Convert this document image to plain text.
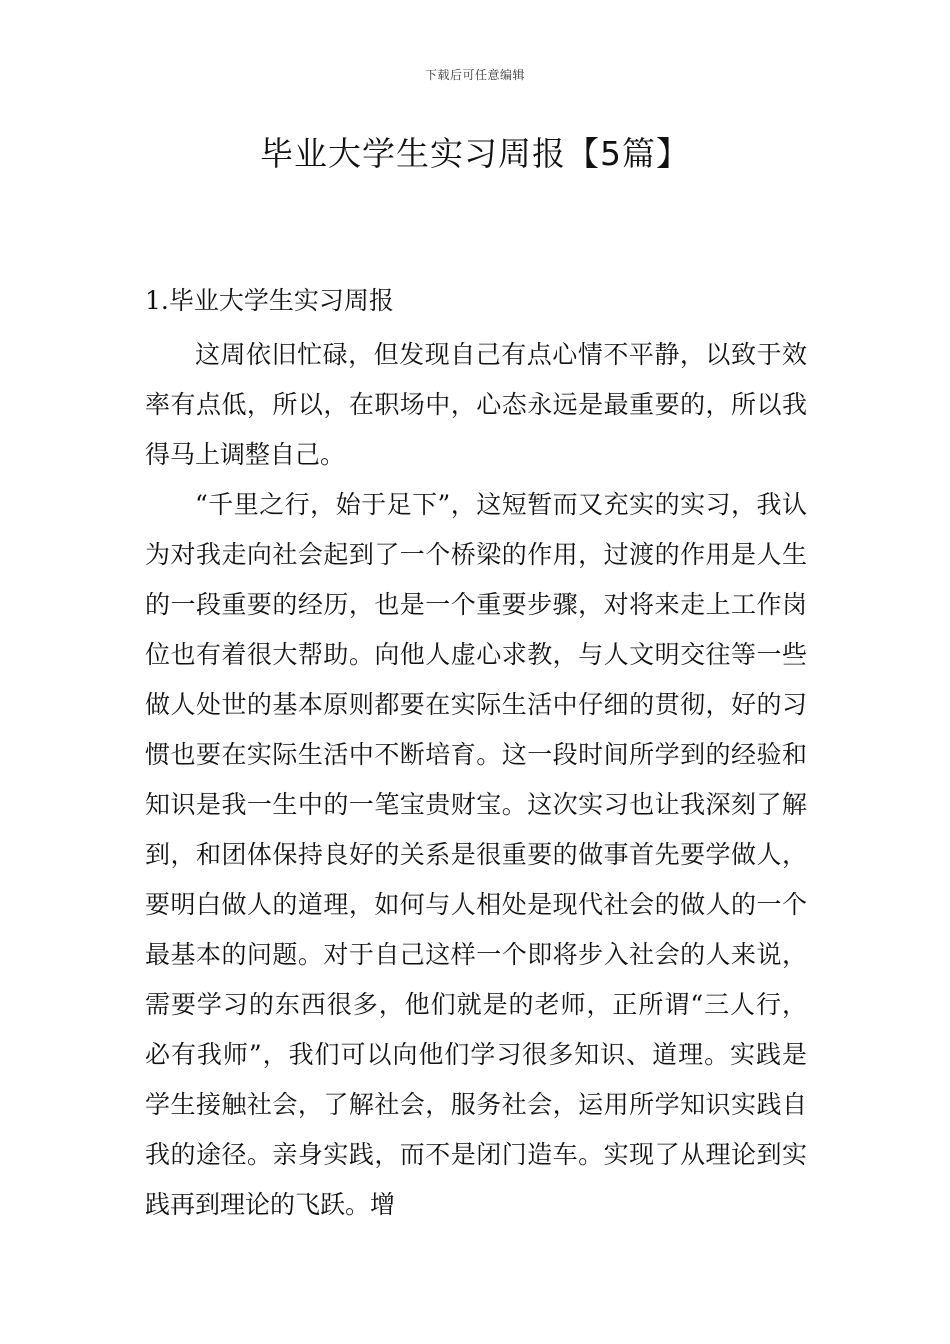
下载后可任意编辑
毕业大学生实习周报【5篇】
1.毕业大学生实习周报

这周依旧忙碌，但发现自己有点心情不平静，以致于效率有点低，所以，在职场中，心态永远是最重要的，所以我得马上调整自己。

“千里之行，始于足下”，这短暂而又充实的实习，我认为对我走向社会起到了一个桥梁的作用，过渡的作用是人生的一段重要的经历，也是一个重要步骤，对将来走上工作岗位也有着很大帮助。向他人虚心求教，与人文明交往等一些做人处世的基本原则都要在实际生活中仔细的贯彻，好的习惯也要在实际生活中不断培育。这一段时间所学到的经验和知识是我一生中的一笔宝贵财宝。这次实习也让我深刻了解到，和团体保持良好的关系是很重要的做事首先要学做人，要明白做人的道理，如何与人相处是现代社会的做人的一个最基本的问题。对于自己这样一个即将步入社会的人来说，需要学习的东西很多，他们就是的老师，正所谓“三人行，必有我师”，我们可以向他们学习很多知识、道理。实践是学生接触社会，了解社会，服务社会，运用所学知识实践自我的途径。亲身实践，而不是闭门造车。实现了从理论到实践再到理论的飞跃。增
